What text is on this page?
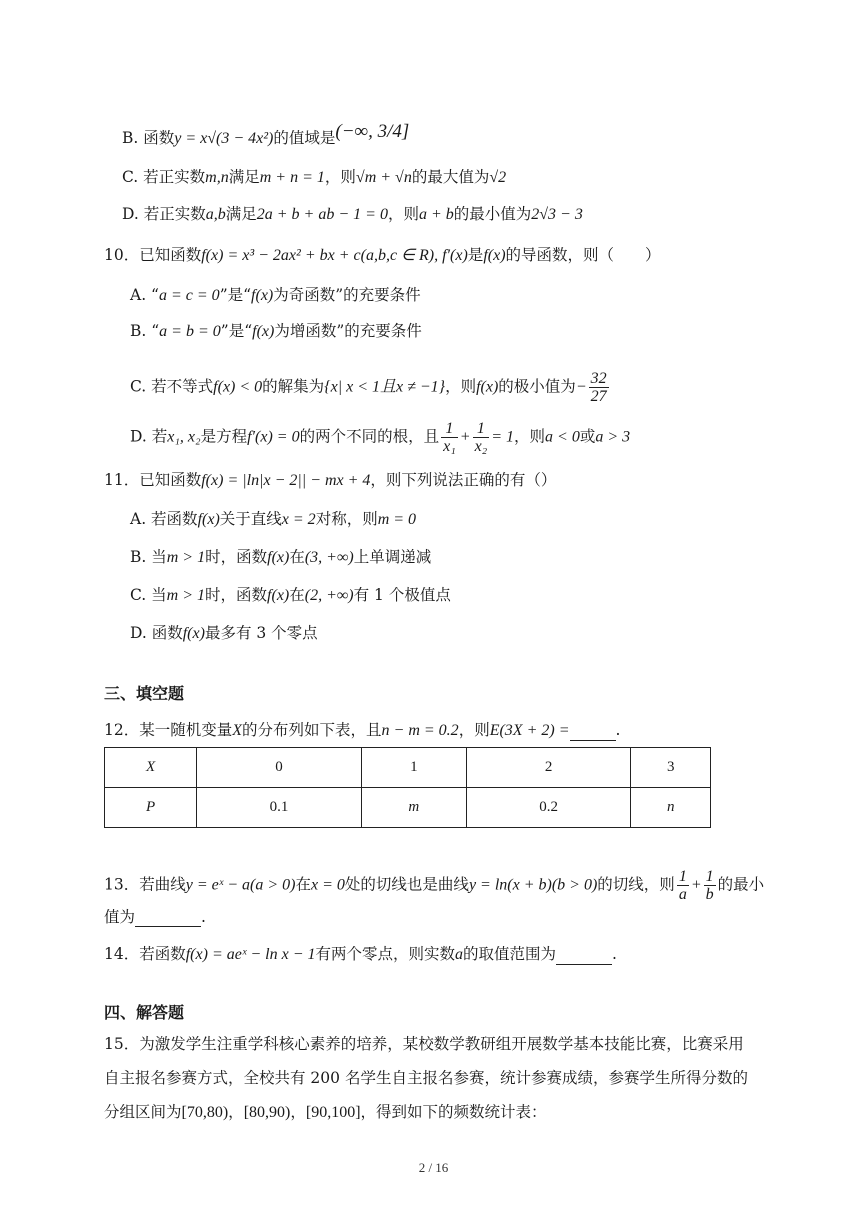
B. 函数y = x√(3 − 4x²)的值域是(−∞, 3/4]
C. 若正实数m,n满足m + n = 1，则√m + √n的最大值为√2
D. 若正实数a,b满足2a + b + ab − 1 = 0，则a + b的最小值为2√3 − 3
10．已知函数f(x) = x³ − 2ax² + bx + c(a,b,c ∈ R), f′(x)是f(x)的导函数，则（　　）
A. “a = c = 0”是“f(x)为奇函数”的充要条件
B. “a = b = 0”是“f(x)为增函数”的充要条件
C. 若不等式f(x) < 0的解集为{x| x < 1且x ≠ −1}，则f(x)的极小值为− $\frac{32}{27}$
D. 若x₁, x₂是方程f′(x) = 0的两个不同的根，且 $\frac{1}{\text{x₁}} + \frac{1}{\text{x₂}} = 1$，则a < 0或a > 3
11．已知函数f(x) = |ln|x − 2|| − mx + 4，则下列说法正确的有（）
A. 若函数f(x)关于直线x = 2对称，则m = 0
B. 当m > 1时，函数f(x)在(3, +∞)上单调递减
C. 当m > 1时，函数f(x)在(2, +∞)有 1 个极值点
D. 函数f(x)最多有 3 个零点
三、填空题
12．某一随机变量X的分布列如下表，且n − m = 0.2，则E(3X + 2) =	.
X	0	1	2	3
P	0.1	m	0.2	n
13．若曲线y = eˣ − a(a > 0)在x = 0处的切线也是曲线y = ln(x + b)(b > 0)的切线，则 $\frac{1}{a} + \frac{1}{b}$ 的最小
值为	.
14．若函数f(x) = aeˣ − ln x − 1有两个零点，则实数a的取值范围为	.
四、解答题
15．为激发学生注重学科核心素养的培养，某校数学教研组开展数学基本技能比赛，比赛采用
自主报名参赛方式，全校共有 200 名学生自主报名参赛，统计参赛成绩，参赛学生所得分数的
分组区间为[70,80)，[80,90)，[90,100]，得到如下的频数统计表：
2 / 16
